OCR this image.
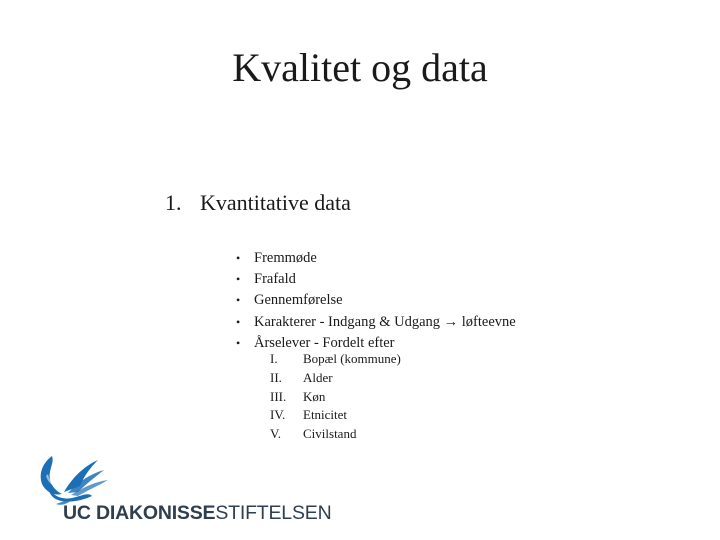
Kvalitet og data
1. Kvantitative data
• Fremmøde
• Frafald
• Gennemførelse
• Karakterer - Indgang & Udgang → løfteevne
• Årselever - Fordelt efter
I. Bopæl (kommune)
II. Alder
III. Køn
IV. Etnicitet
V. Civilstand
UC DIAKONISSESTIFTELSEN
